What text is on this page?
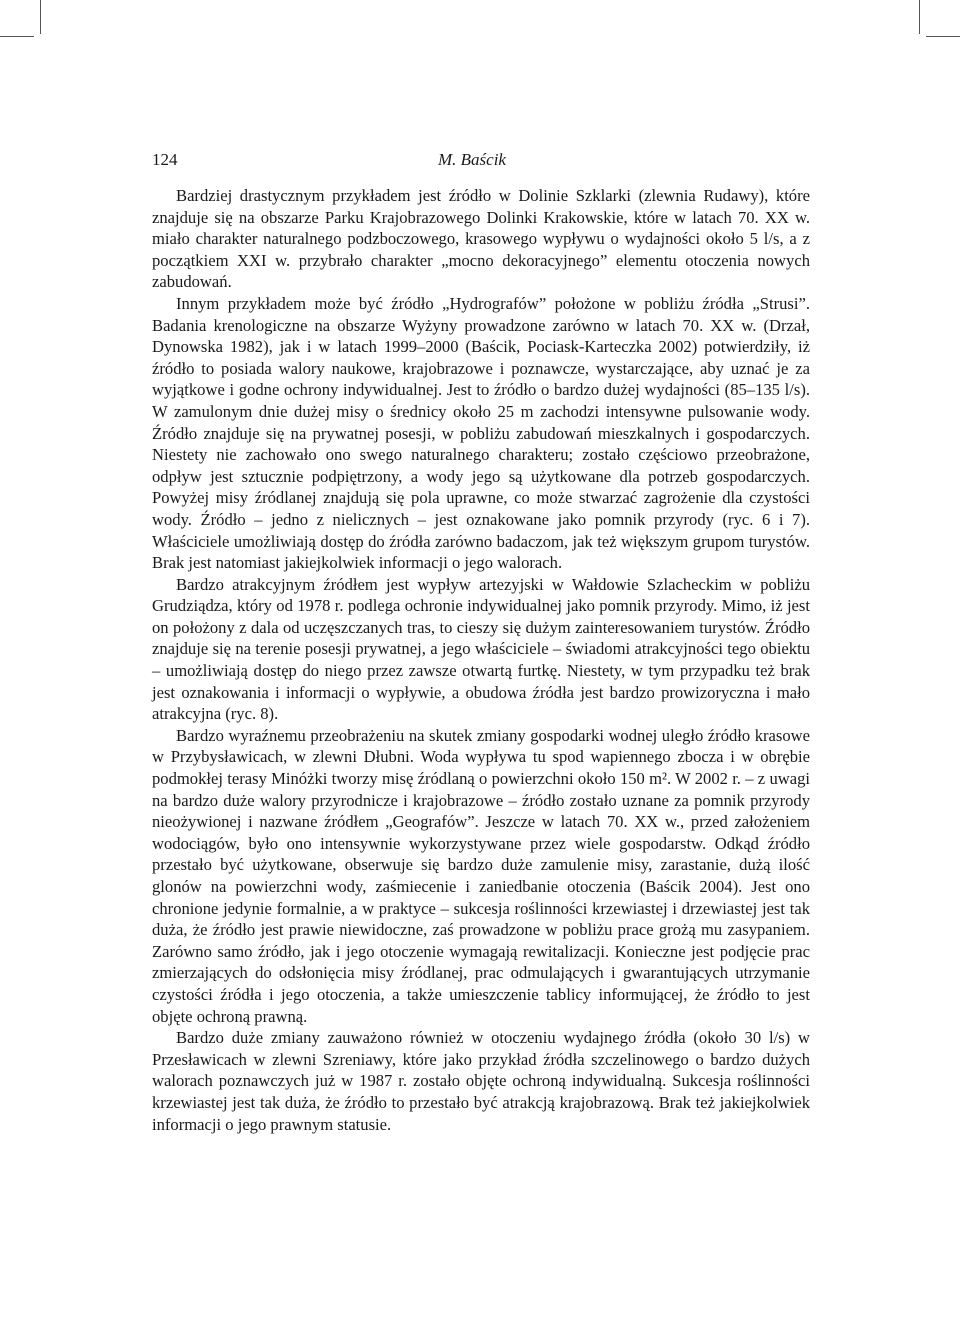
124	M. Baścik

Bardziej drastycznym przykładem jest źródło w Dolinie Szklarki (zlewnia Rudawy), które znajduje się na obszarze Parku Krajobrazowego Dolinki Krakowskie, które w latach 70. XX w. miało charakter naturalnego podzboczowego, krasowego wypływu o wydajności około 5 l/s, a z początkiem XXI w. przybrało charakter „mocno dekoracyjnego” elementu otoczenia nowych zabudowań.

Innym przykładem może być źródło „Hydrografów” położone w pobliżu źródła „Strusi”. Badania krenologiczne na obszarze Wyżyny prowadzone zarówno w latach 70. XX w. (Drzał, Dynowska 1982), jak i w latach 1999–2000 (Baścik, Pociask-Karteczka 2002) potwierdziły, iż źródło to posiada walory naukowe, krajobrazowe i poznawcze, wystarczające, aby uznać je za wyjątkowe i godne ochrony indywidualnej. Jest to źródło o bardzo dużej wydajności (85–135 l/s). W zamulonym dnie dużej misy o średnicy około 25 m zachodzi intensywne pulsowanie wody. Źródło znajduje się na prywatnej posesji, w pobliżu zabudowań mieszkalnych i gospodarczych. Niestety nie zachowało ono swego naturalnego charakteru; zostało częściowo przeobrażone, odpływ jest sztucznie podpiętrzony, a wody jego są użytkowane dla potrzeb gospodarczych. Powyżej misy źródlanej znajdują się pola uprawne, co może stwarzać zagrożenie dla czystości wody. Źródło – jedno z nielicznych – jest oznakowane jako pomnik przyrody (ryc. 6 i 7). Właściciele umożliwiają dostęp do źródła zarówno badaczom, jak też większym grupom turystów. Brak jest natomiast jakiejkolwiek informacji o jego walorach.

Bardzo atrakcyjnym źródłem jest wypływ artezyjski w Wałdowie Szlacheckim w pobliżu Grudziądza, który od 1978 r. podlega ochronie indywidualnej jako pomnik przyrody. Mimo, iż jest on położony z dala od uczęszczanych tras, to cieszy się dużym zainteresowaniem turystów. Źródło znajduje się na terenie posesji prywatnej, a jego właściciele – świadomi atrakcyjności tego obiektu – umożliwiają dostęp do niego przez zawsze otwartą furtkę. Niestety, w tym przypadku też brak jest oznakowania i informacji o wypływie, a obudowa źródła jest bardzo prowizoryczna i mało atrakcyjna (ryc. 8).

Bardzo wyraźnemu przeobrażeniu na skutek zmiany gospodarki wodnej uległo źródło krasowe w Przybysławicach, w zlewni Dłubni. Woda wypływa tu spod wapiennego zbocza i w obrębie podmokłej terasy Minóżki tworzy misę źródlaną o powierzchni około 150 m². W 2002 r. – z uwagi na bardzo duże walory przyrodnicze i krajobrazowe – źródło zostało uznane za pomnik przyrody nieożywionej i nazwane źródłem „Geografów”. Jeszcze w latach 70. XX w., przed założeniem wodociągów, było ono intensywnie wykorzystywane przez wiele gospodarstw. Odkąd źródło przestało być użytkowane, obserwuje się bardzo duże zamulenie misy, zarastanie, dużą ilość glonów na powierzchni wody, zaśmiecenie i zaniedbanie otoczenia (Baścik 2004). Jest ono chronione jedynie formalnie, a w praktyce – sukcesja roślinności krzewiastej i drzewiastej jest tak duża, że źródło jest prawie niewidoczne, zaś prowadzone w pobliżu prace grożą mu zasypaniem. Zarówno samo źródło, jak i jego otoczenie wymagają rewitalizacji. Konieczne jest podjęcie prac zmierzających do odsłonięcia misy źródlanej, prac odmulających i gwarantujących utrzymanie czystości źródła i jego otoczenia, a także umieszczenie tablicy informującej, że źródło to jest objęte ochroną prawną.

Bardzo duże zmiany zauważono również w otoczeniu wydajnego źródła (około 30 l/s) w Przesławicach w zlewni Szreniawy, które jako przykład źródła szczelinowego o bardzo dużych walorach poznawczych już w 1987 r. zostało objęte ochroną indywidualną. Sukcesja roślinności krzewiastej jest tak duża, że źródło to przestało być atrakcją krajobrazową. Brak też jakiejkolwiek informacji o jego prawnym statusie.
